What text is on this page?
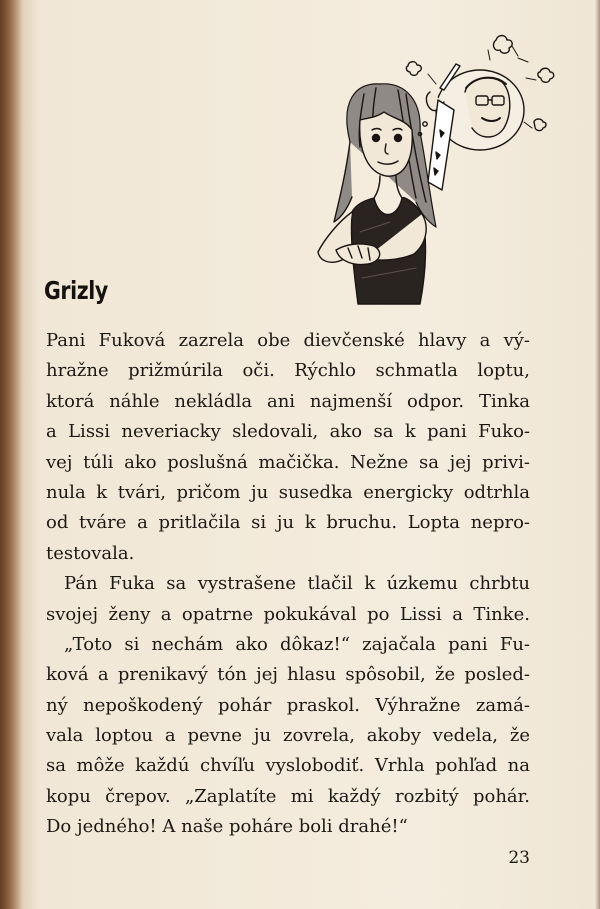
Grizly
Pani Fuková zazrela obe dievčenské hlavy a vý-
hražne prižmúrila oči. Rýchlo schmatla loptu,
ktorá náhle nekládla ani najmenší odpor. Tinka
a Lissi neveriacky sledovali, ako sa k pani Fuko-
vej túli ako poslušná mačička. Nežne sa jej privi-
nula k tvári, pričom ju susedka energicky odtrhla
od tváre a pritlačila si ju k bruchu. Lopta nepro-
testovala.
Pán Fuka sa vystrašene tlačil k úzkemu chrbtu
svojej ženy a opatrne pokukával po Lissi a Tinke.
„Toto si nechám ako dôkaz!“ zajačala pani Fu-
ková a prenikavý tón jej hlasu spôsobil, že posled-
ný nepoškodený pohár praskol. Výhražne zamá-
vala loptou a pevne ju zovrela, akoby vedela, že
sa môže každú chvíľu vyslobodiť. Vrhla pohľad na
kopu črepov. „Zaplatíte mi každý rozbitý pohár.
Do jedného! A naše poháre boli drahé!“
23
